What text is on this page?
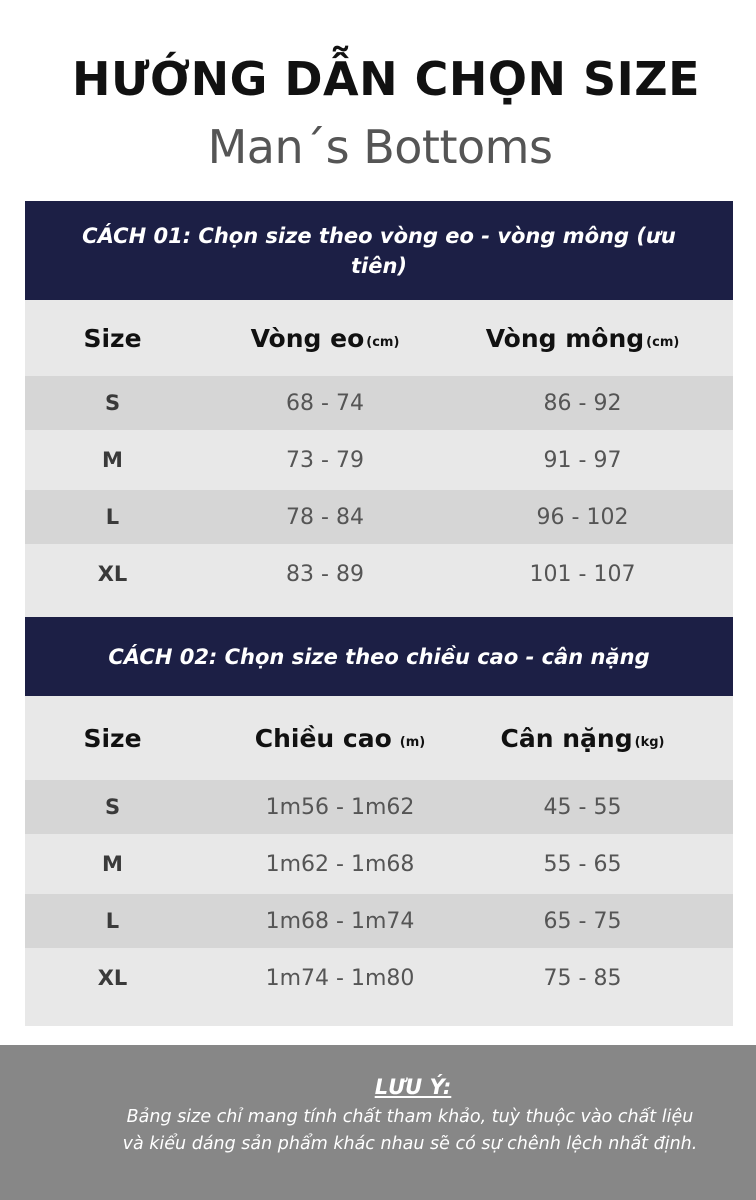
HƯỚNG DẪN CHỌN SIZE
Man´s Bottoms
CÁCH 01: Chọn size theo vòng eo - vòng mông (ưu tiên)
Size	Vòng eo (cm)	Vòng mông (cm)
S	68 - 74	86 - 92
M	73 - 79	91 - 97
L	78 - 84	96 - 102
XL	83 - 89	101 - 107
CÁCH 02: Chọn size theo chiều cao - cân nặng
Size	Chiều cao (m)	Cân nặng (kg)
S	1m56 - 1m62	45 - 55
M	1m62 - 1m68	55 - 65
L	1m68 - 1m74	65 - 75
XL	1m74 - 1m80	75 - 85
LƯU Ý:
Bảng size chỉ mang tính chất tham khảo, tuỳ thuộc vào chất liệu
và kiểu dáng sản phẩm khác nhau sẽ có sự chênh lệch nhất định.
